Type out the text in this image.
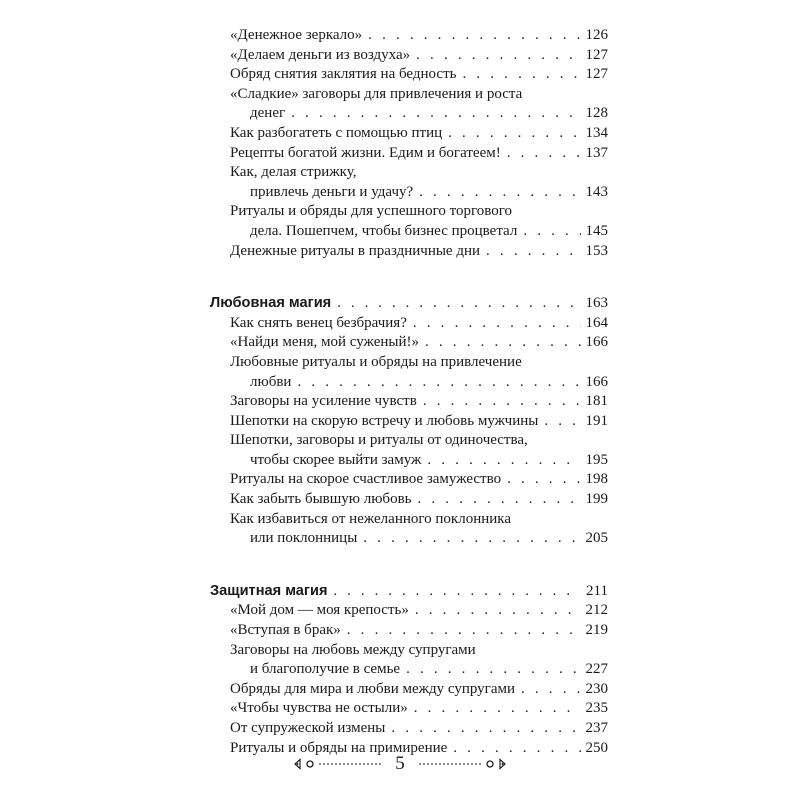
«Денежное зеркало» . . .	126
«Делаем деньги из воздуха» . . .	127
Обряд снятия заклятия на бедность . . .	127
«Сладкие» заговоры для привлечения и роста
денег . . .	128
Как разбогатеть с помощью птиц . . .	134
Рецепты богатой жизни. Едим и богатеем! . . .	137
Как, делая стрижку,
привлечь деньги и удачу? . . .	143
Ритуалы и обряды для успешного торгового
дела. Пошепчем, чтобы бизнес процветал . . .	145
Денежные ритуалы в праздничные дни . . .	153
Любовная магия . . .	163
Как снять венец безбрачия? . . .	164
«Найди меня, мой суженый!» . . .	166
Любовные ритуалы и обряды на привлечение
любви . . .	166
Заговоры на усиление чувств . . .	181
Шепотки на скорую встречу и любовь мужчины . . .	191
Шепотки, заговоры и ритуалы от одиночества,
чтобы скорее выйти замуж . . .	195
Ритуалы на скорое счастливое замужество . . .	198
Как забыть бывшую любовь . . .	199
Как избавиться от нежеланного поклонника
или поклонницы . . .	205
Защитная магия . . .	211
«Мой дом — моя крепость» . . .	212
«Вступая в брак» . . .	219
Заговоры на любовь между супругами
и благополучие в семье . . .	227
Обряды для мира и любви между супругами . . .	230
«Чтобы чувства не остыли» . . .	235
От супружеской измены . . .	237
Ритуалы и обряды на примирение . . .	250
5
